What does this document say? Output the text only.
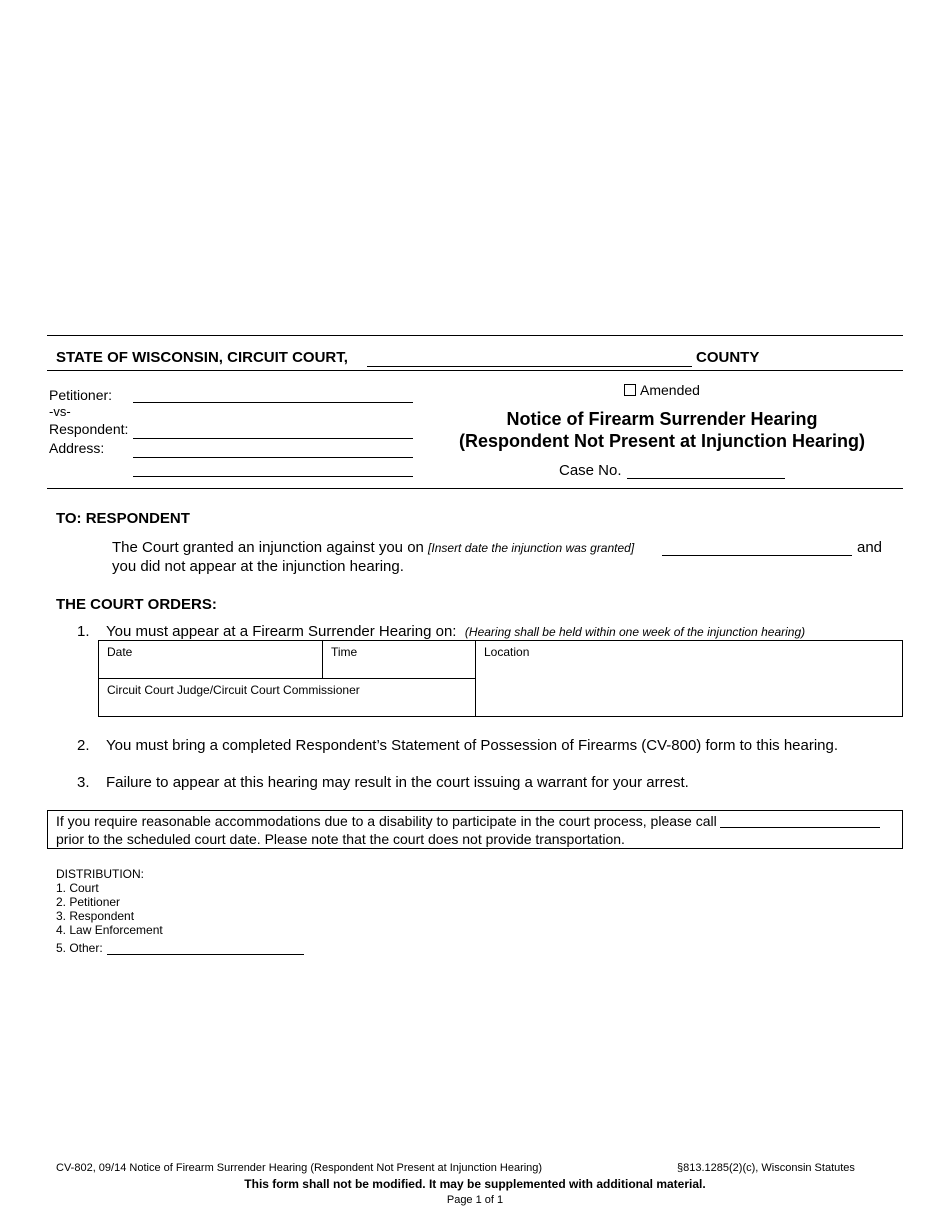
STATE OF WISCONSIN, CIRCUIT COURT,	COUNTY
Petitioner:
-vs-
Respondent:
Address:
Amended
Notice of Firearm Surrender Hearing
(Respondent Not Present at Injunction Hearing)
Case No.
TO: RESPONDENT
The Court granted an injunction against you on [Insert date the injunction was granted]	and
you did not appear at the injunction hearing.
THE COURT ORDERS:
1. You must appear at a Firearm Surrender Hearing on: (Hearing shall be held within one week of the injunction hearing)
Date	Time	Location
Circuit Court Judge/Circuit Court Commissioner
2. You must bring a completed Respondent’s Statement of Possession of Firearms (CV-800) form to this hearing.
3. Failure to appear at this hearing may result in the court issuing a warrant for your arrest.
If you require reasonable accommodations due to a disability to participate in the court process, please call
prior to the scheduled court date. Please note that the court does not provide transportation.
DISTRIBUTION:
1. Court
2. Petitioner
3. Respondent
4. Law Enforcement
5. Other:
CV-802, 09/14 Notice of Firearm Surrender Hearing (Respondent Not Present at Injunction Hearing)	§813.1285(2)(c), Wisconsin Statutes
This form shall not be modified. It may be supplemented with additional material.
Page 1 of 1
